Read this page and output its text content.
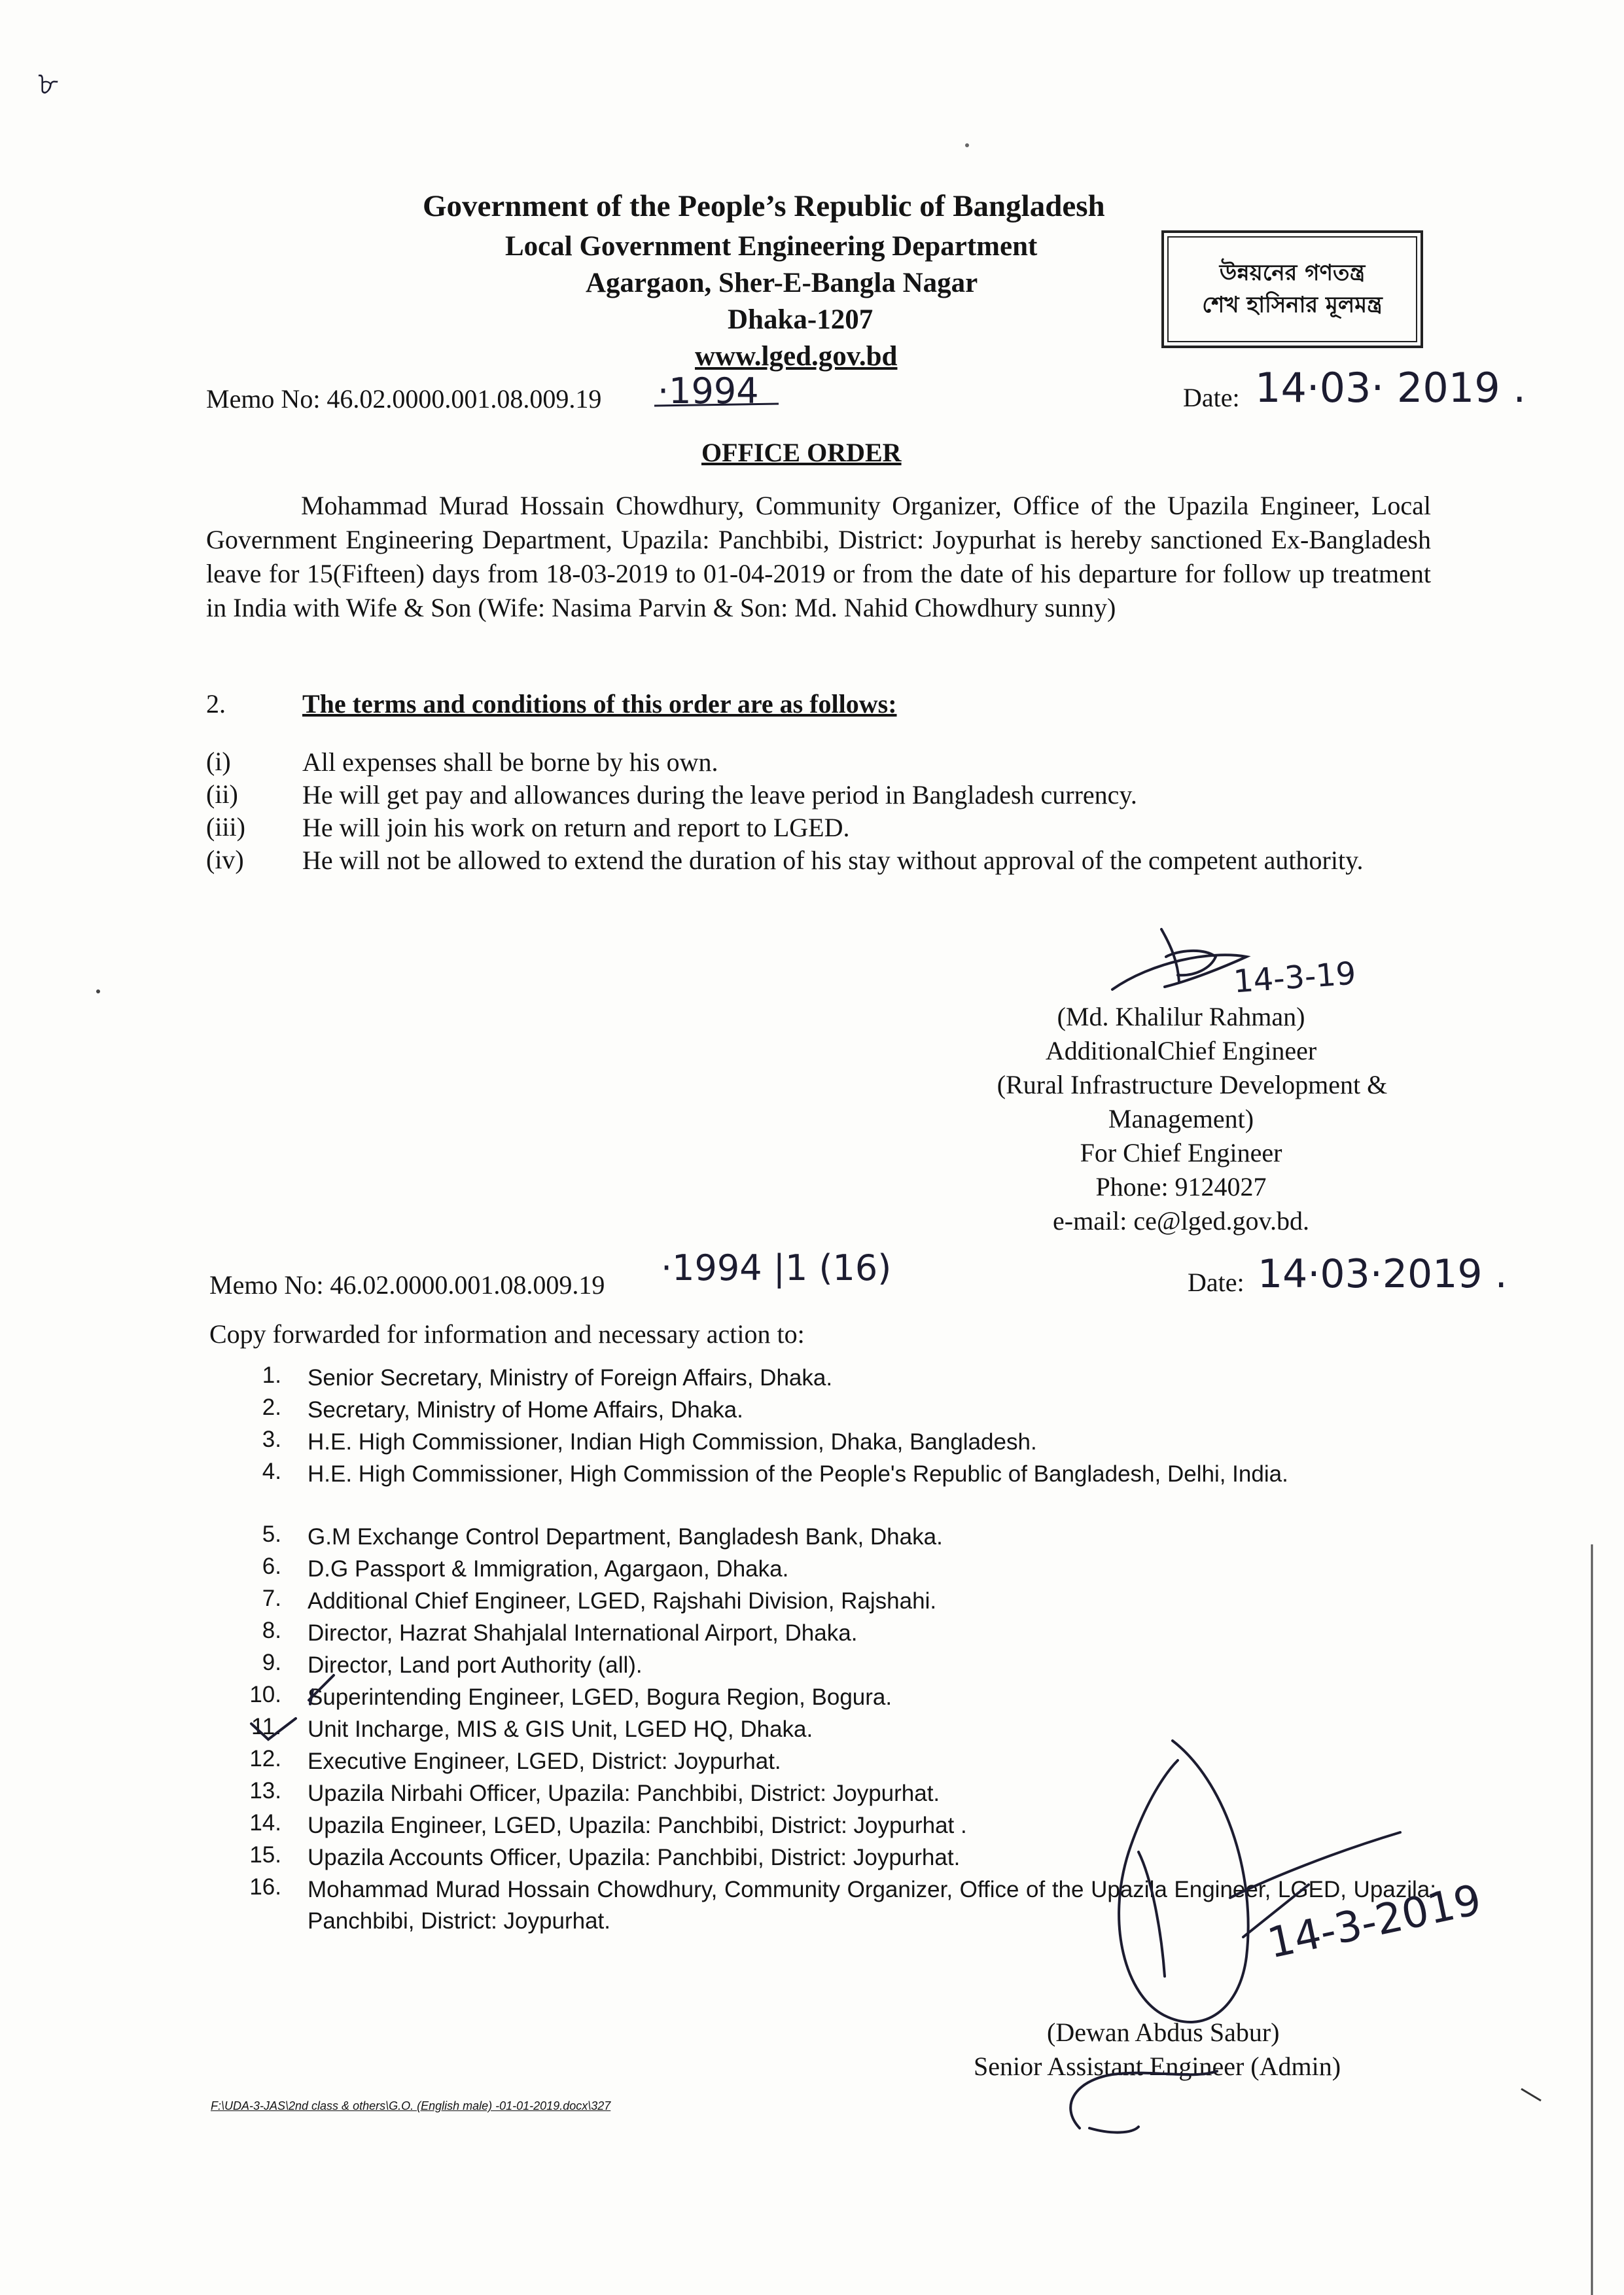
৮
Government of the People’s Republic of Bangladesh
Local Government Engineering Department
Agargaon, Sher-E-Bangla Nagar
Dhaka-1207
www.lged.gov.bd
উন্নয়নের গণতন্ত্র
শেখ হাসিনার মূলমন্ত্র
Memo No: 46.02.0000.001.08.009.19 ·1994	Date: 14·03· 2019 .
OFFICE ORDER
Mohammad Murad Hossain Chowdhury, Community Organizer, Office of the Upazila Engineer, Local Government Engineering Department, Upazila: Panchbibi, District: Joypurhat is hereby sanctioned Ex-Bangladesh leave for 15(Fifteen) days from 18-03-2019 to 01-04-2019 or from the date of his departure for follow up treatment in India with Wife & Son (Wife: Nasima Parvin & Son: Md. Nahid Chowdhury sunny)
2.	The terms and conditions of this order are as follows:
(i)	All expenses shall be borne by his own.
(ii)	He will get pay and allowances during the leave period in Bangladesh currency.
(iii)	He will join his work on return and report to LGED.
(iv)	He will not be allowed to extend the duration of his stay without approval of the competent authority.
14-3-19
(Md. Khalilur Rahman)
AdditionalChief Engineer
(Rural Infrastructure Development &
Management)
For Chief Engineer
Phone: 9124027
e-mail: ce@lged.gov.bd.
Memo No: 46.02.0000.001.08.009.19 ·1994 |1 (16)	Date: 14·03·2019 .
Copy forwarded for information and necessary action to:
1. Senior Secretary, Ministry of Foreign Affairs, Dhaka.
2. Secretary, Ministry of Home Affairs, Dhaka.
3. H.E. High Commissioner, Indian High Commission, Dhaka, Bangladesh.
4. H.E. High Commissioner, High Commission of the People's Republic of Bangladesh, Delhi, India.
5. G.M Exchange Control Department, Bangladesh Bank, Dhaka.
6. D.G Passport & Immigration, Agargaon, Dhaka.
7. Additional Chief Engineer, LGED, Rajshahi Division, Rajshahi.
8. Director, Hazrat Shahjalal International Airport, Dhaka.
9. Director, Land port Authority (all).
10. Superintending Engineer, LGED, Bogura Region, Bogura.
11. Unit Incharge, MIS & GIS Unit, LGED HQ, Dhaka.
12. Executive Engineer, LGED, District: Joypurhat.
13. Upazila Nirbahi Officer, Upazila: Panchbibi, District: Joypurhat.
14. Upazila Engineer, LGED, Upazila: Panchbibi, District: Joypurhat .
15. Upazila Accounts Officer, Upazila: Panchbibi, District: Joypurhat.
16. Mohammad Murad Hossain Chowdhury, Community Organizer, Office of the Upazila Engineer, LGED, Upazila: Panchbibi, District: Joypurhat.	14-3-2019
(Dewan Abdus Sabur)
Senior Assistant Engineer (Admin)
F:\UDA-3-JAS\2nd class & others\G.O. (English male) -01-01-2019.docx\327
